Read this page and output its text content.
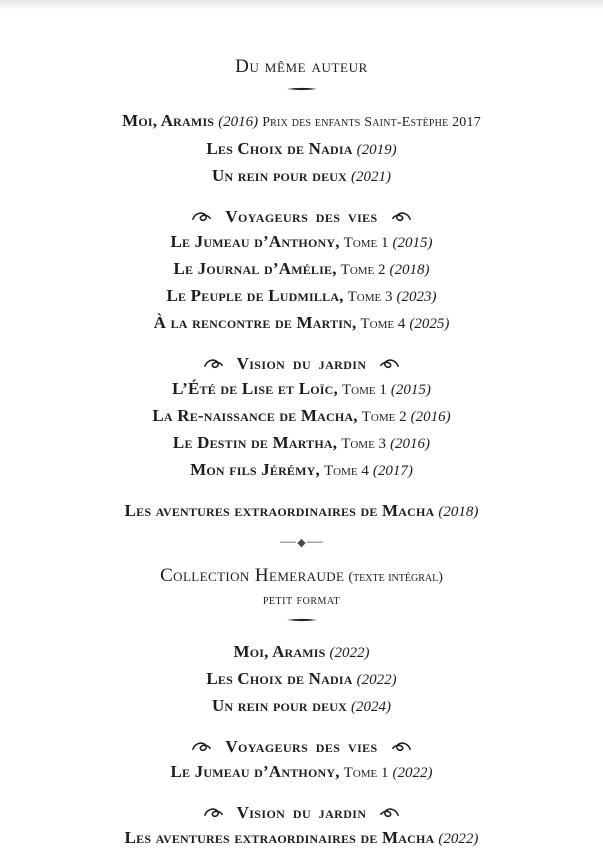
Du même auteur
Moi, Aramis (2016) Prix des enfants Saint-Estèphe 2017
Les Choix de Nadia (2019)
Un rein pour deux (2021)
Voyageurs des vies
Le Jumeau d’Anthony, Tome 1 (2015)
Le Journal d’Amélie, Tome 2 (2018)
Le Peuple de Ludmilla, Tome 3 (2023)
À la rencontre de Martin, Tome 4 (2025)
Vision du jardin
L’Été de Lise et Loïc, Tome 1 (2015)
La Re-naissance de Macha, Tome 2 (2016)
Le Destin de Martha, Tome 3 (2016)
Mon fils Jérémy, Tome 4 (2017)
Les aventures extraordinaires de Macha (2018)
— ◆ —
Collection Hemeraude (texte intégral)
petit format
Moi, Aramis (2022)
Les Choix de Nadia (2022)
Un rein pour deux (2024)
Voyageurs des vies
Le Jumeau d’Anthony, Tome 1 (2022)
Vision du jardin
Les aventures extraordinaires de Macha (2022)
